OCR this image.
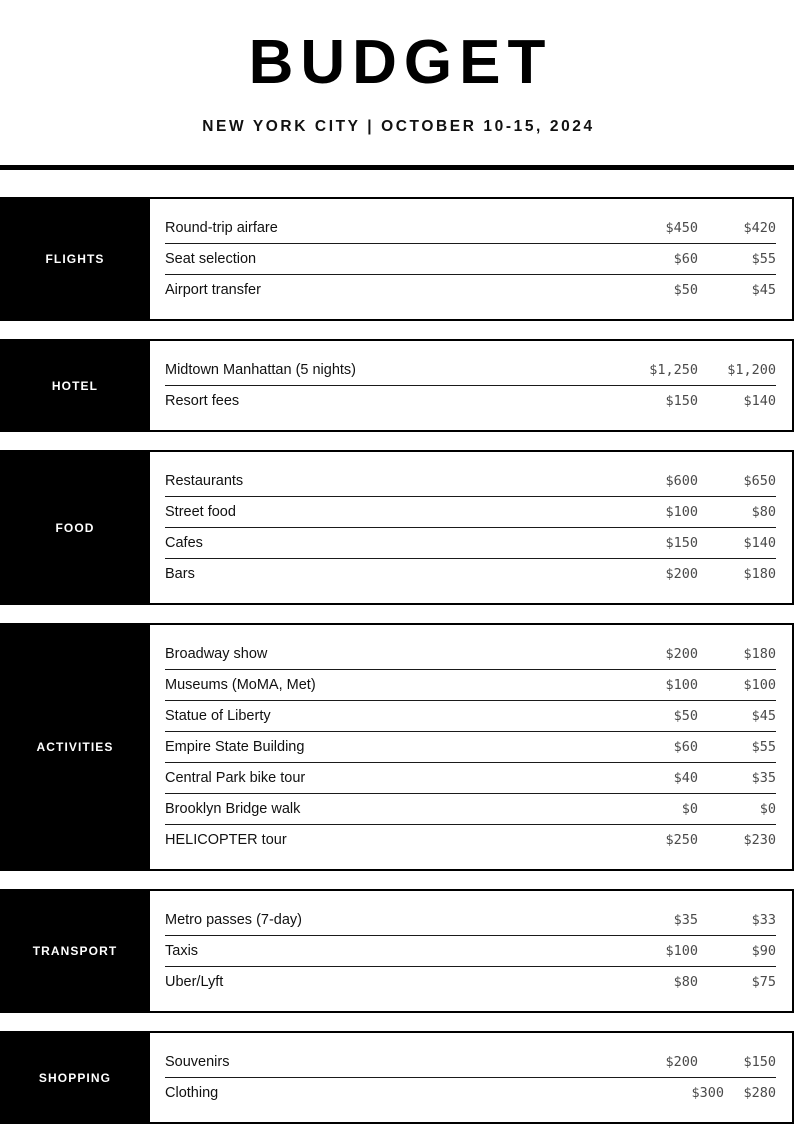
BUDGET
NEW YORK CITY | OCTOBER 10-15, 2024
FLIGHTS
Round-trip airfare	$450	$420
Seat selection	$60	$55
Airport transfer	$50	$45
HOTEL
Midtown Manhattan (5 nights)	$1,250	$1,200
Resort fees	$150	$140
FOOD
Restaurants	$600	$650
Street food	$100	$80
Cafes	$150	$140
Bars	$200	$180
ACTIVITIES
Broadway show	$200	$180
Museums (MoMA, Met)	$100	$100
Statue of Liberty	$50	$45
Empire State Building	$60	$55
Central Park bike tour	$40	$35
Brooklyn Bridge walk	$0	$0
HELICOPTER tour	$250	$230
TRANSPORT
Metro passes (7-day)	$35	$33
Taxis	$100	$90
Uber/Lyft	$80	$75
SHOPPING
Souvenirs	$200	$150
Clothing	$300	$280
